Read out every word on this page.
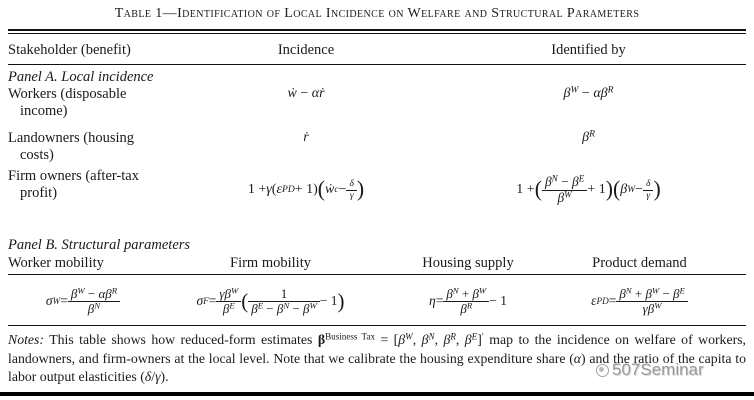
Table 1—Identification of Local Incidence on Welfare and Structural Parameters
Stakeholder (benefit)	Incidence	Identified by
Panel A. Local incidence
Workers (disposable
income)
ẇ − αṙ	$\beta^W - \alpha\beta^R$
Landowners (housing
costs)
ṙ	$\beta^R$
Firm owners (after-tax
profit)	1 + γ ( ε PD + 1) ( ẇ $c - \frac{\delta}{\gamma}$ )	1 + ( $\frac{\beta^N - \beta^E}{\beta^W} + 1$ ) ( β $W - \frac{\delta}{\gamma}$ )
Panel B. Structural parameters
Worker mobility	Firm mobility	Housing supply	Product demand
σ $W = \frac{\beta^W - \alpha\beta^R}{\beta^N}$	σ $F = \frac{\gamma\beta^W}{\beta^E}$ ( $\frac{1}{\beta^E - \beta^N - \beta^W} - 1$ )	$\eta = \frac{\beta^N + \beta^W}{\beta^R} - 1$	ε PD = $\frac{\beta^N + \beta^W - \beta^E}{\gamma\beta^W}$
Notes: This table shows how reduced-form estimates $\beta^{Business Tax} = [\beta^W$, $\beta^N$, $\beta^R$, $\beta^E]'$ map to the incidence on welfare of workers, landowners, and firm-owners at the local level. Note that we calibrate the housing expenditure share (α) and the ratio of the capita to labor output elasticities (δ/γ).	507Seminar
